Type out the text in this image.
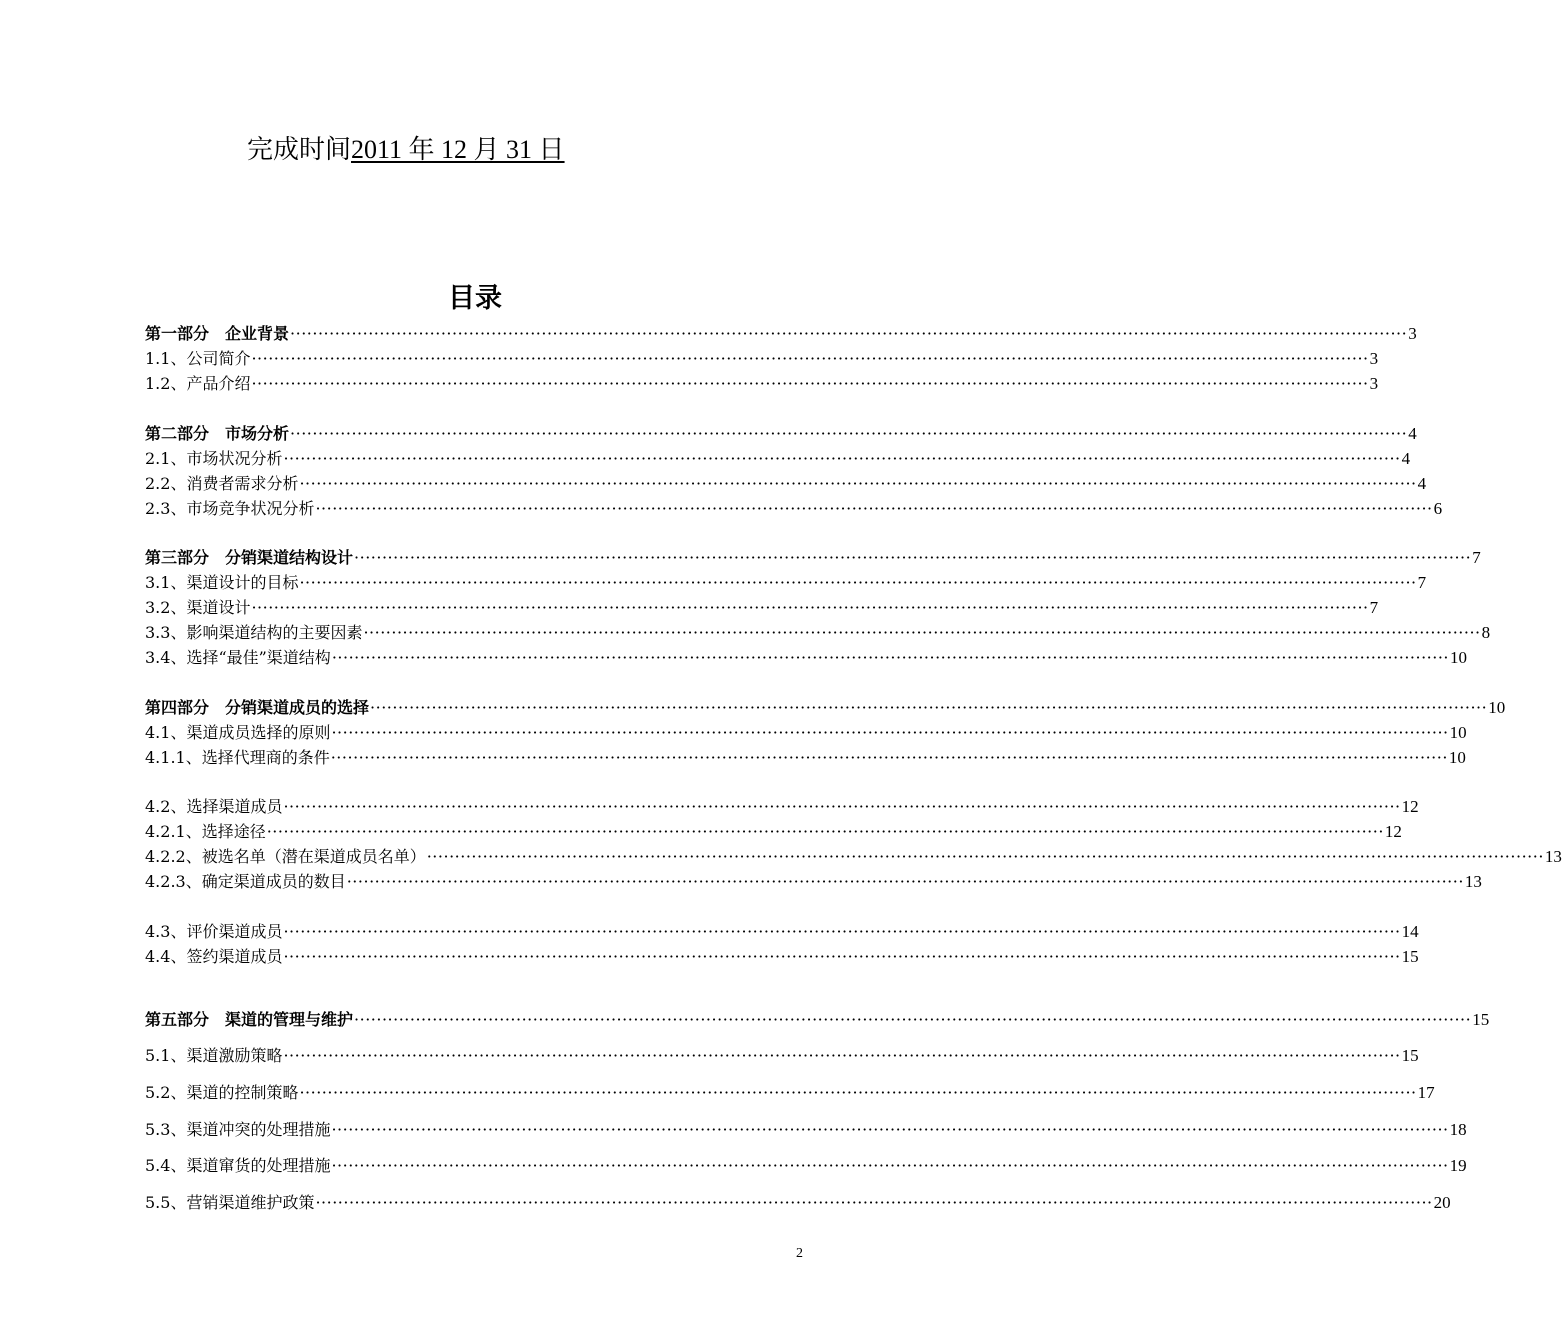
完成时间2011 年 12 月 31 日
目录
第一部分　企业背景 ········································································································································································································ 3
1.1、公司简介 ········································································································································································································ 3
1.2、产品介绍 ········································································································································································································ 3
第二部分　市场分析 ········································································································································································································ 4
2.1、市场状况分析 ········································································································································································································ 4
2.2、消费者需求分析 ········································································································································································································ 4
2.3、市场竞争状况分析 ········································································································································································································ 6
第三部分　分销渠道结构设计 ········································································································································································································ 7
3.1、渠道设计的目标 ········································································································································································································ 7
3.2、渠道设计 ········································································································································································································ 7
3.3、影响渠道结构的主要因素 ········································································································································································································ 8
3.4、选择“最佳”渠道结构 ········································································································································································································ 10
第四部分　分销渠道成员的选择 ········································································································································································································ 10
4.1、渠道成员选择的原则 ········································································································································································································ 10
4.1.1、选择代理商的条件 ········································································································································································································ 10
4.2、选择渠道成员 ········································································································································································································ 12
4.2.1、选择途径 ········································································································································································································ 12
4.2.2、被选名单（潜在渠道成员名单） ········································································································································································································ 13
4.2.3、确定渠道成员的数目 ········································································································································································································ 13
4.3、评价渠道成员 ········································································································································································································ 14
4.4、签约渠道成员 ········································································································································································································ 15
第五部分　渠道的管理与维护 ········································································································································································································ 15
5.1、渠道激励策略 ········································································································································································································ 15
5.2、渠道的控制策略 ········································································································································································································ 17
5.3、渠道冲突的处理措施 ········································································································································································································ 18
5.4、渠道窜货的处理措施 ········································································································································································································ 19
5.5、营销渠道维护政策 ········································································································································································································ 20
2
